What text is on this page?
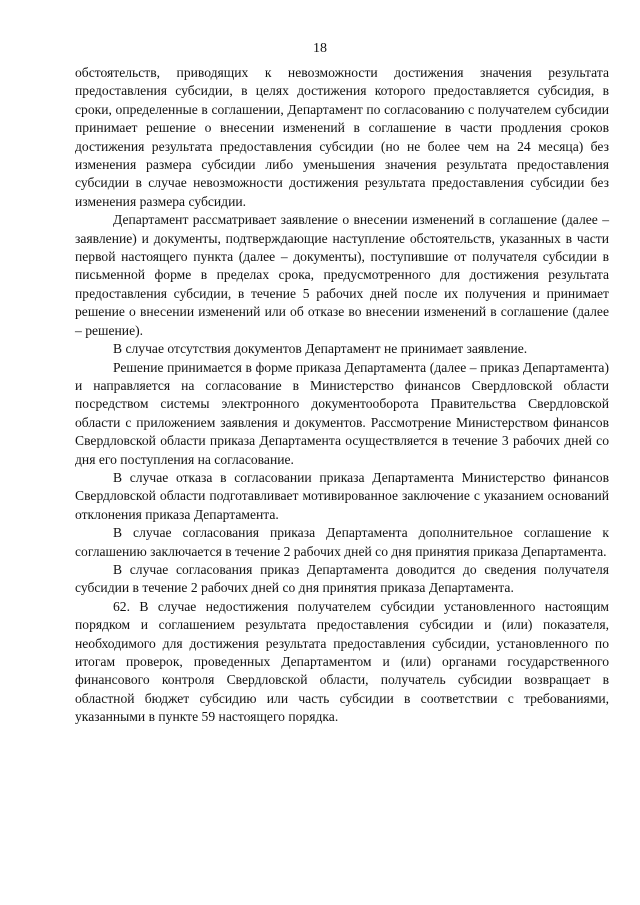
18

обстоятельств, приводящих к невозможности достижения значения результата предоставления субсидии, в целях достижения которого предоставляется субсидия, в сроки, определенные в соглашении, Департамент по согласованию с получателем субсидии принимает решение о внесении изменений в соглашение в части продления сроков достижения результата предоставления субсидии (но не более чем на 24 месяца) без изменения размера субсидии либо уменьшения значения результата предоставления субсидии в случае невозможности достижения результата предоставления субсидии без изменения размера субсидии.

Департамент рассматривает заявление о внесении изменений в соглашение (далее – заявление) и документы, подтверждающие наступление обстоятельств, указанных в части первой настоящего пункта (далее – документы), поступившие от получателя субсидии в письменной форме в пределах срока, предусмотренного для достижения результата предоставления субсидии, в течение 5 рабочих дней после их получения и принимает решение о внесении изменений или об отказе во внесении изменений в соглашение (далее – решение).

В случае отсутствия документов Департамент не принимает заявление.

Решение принимается в форме приказа Департамента (далее – приказ Департамента) и направляется на согласование в Министерство финансов Свердловской области посредством системы электронного документооборота Правительства Свердловской области с приложением заявления и документов. Рассмотрение Министерством финансов Свердловской области приказа Департамента осуществляется в течение 3 рабочих дней со дня его поступления на согласование.

В случае отказа в согласовании приказа Департамента Министерство финансов Свердловской области подготавливает мотивированное заключение с указанием оснований отклонения приказа Департамента.

В случае согласования приказа Департамента дополнительное соглашение к соглашению заключается в течение 2 рабочих дней со дня принятия приказа Департамента.

В случае согласования приказ Департамента доводится до сведения получателя субсидии в течение 2 рабочих дней со дня принятия приказа Департамента.

62. В случае недостижения получателем субсидии установленного настоящим порядком и соглашением результата предоставления субсидии и (или) показателя, необходимого для достижения результата предоставления субсидии, установленного по итогам проверок, проведенных Департаментом и (или) органами государственного финансового контроля Свердловской области, получатель субсидии возвращает в областной бюджет субсидию или часть субсидии в соответствии с требованиями, указанными в пункте 59 настоящего порядка.
